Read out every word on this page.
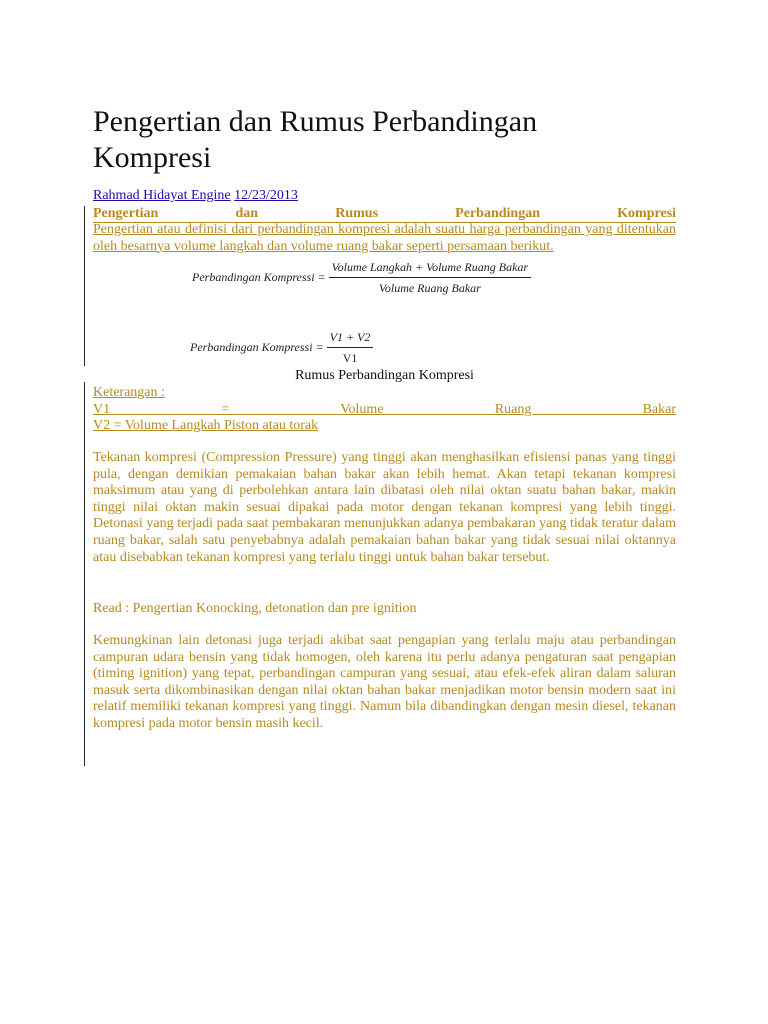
Pengertian dan Rumus Perbandingan Kompresi
Rahmad Hidayat Engine 12/23/2013
Pengertian dan Rumus Perbandingan Kompresi
Pengertian atau definisi dari perbandingan kompresi adalah suatu harga perbandingan yang ditentukan oleh besarnya volume langkah dan volume ruang bakar seperti persamaan berikut.
Perbandingan Kompressi = $\frac{\text{Volume Langkah + Volume Ruang Bakar}}{\text{Volume Ruang Bakar}}$
Perbandingan Kompressi = $\frac{V1 + V2}{V1}$
Rumus Perbandingan Kompresi
Keterangan :
V1 = Volume Ruang Bakar
V2 = Volume Langkah Piston atau torak
Tekanan kompresi (Compression Pressure) yang tinggi akan menghasilkan efisiensi panas yang tinggi pula, dengan demikian pemakaian bahan bakar akan lebih hemat. Akan tetapi tekanan kompresi maksimum atau yang di perbolehkan antara lain dibatasi oleh nilai oktan suatu bahan bakar, makin tinggi nilai oktan makin sesuai dipakai pada motor dengan tekanan kompresi yang lebih tinggi. Detonasi yang terjadi pada saat pembakaran menunjukkan adanya pembakaran yang tidak teratur dalam ruang bakar, salah satu penyebabnya adalah pemakaian bahan bakar yang tidak sesuai nilai oktannya atau disebabkan tekanan kompresi yang terlalu tinggi untuk bahan bakar tersebut.
Read : Pengertian Konocking, detonation dan pre ignition
Kemungkinan lain detonasi juga terjadi akibat saat pengapian yang terlalu maju atau perbandingan campuran udara bensin yang tidak homogen, oleh karena itu perlu adanya pengaturan saat pengapian (timing ignition) yang tepat, perbandingan campuran yang sesuai, atau efek-efek aliran dalam saluran masuk serta dikombinasikan dengan nilai oktan bahan bakar menjadikan motor bensin modern saat ini relatif memiliki tekanan kompresi yang tinggi. Namun bila dibandingkan dengan mesin diesel, tekanan kompresi pada motor bensin masih kecil.
